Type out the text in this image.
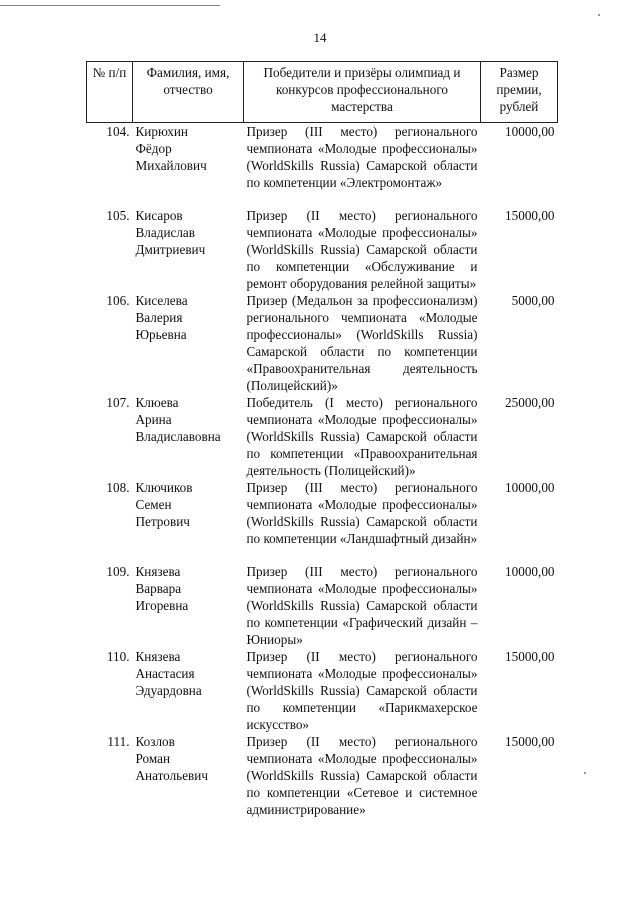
14
№ п/п	Фамилия, имя, отчество	Победители и призёры олимпиад и конкурсов профессионального мастерства	Размер премии, рублей
104.	Кирюхин
Фёдор
Михайлович	Призер (III место) регионального чемпионата «Молодые профессионалы» (WorldSkills Russia) Самарской области по компетенции «Электромонтаж»	10000,00
105.	Кисаров
Владислав
Дмитриевич	Призер (II место) регионального чемпионата «Молодые профессионалы» (WorldSkills Russia) Самарской области по компетенции «Обслуживание и ремонт оборудования релейной защиты»	15000,00
106.	Киселева
Валерия
Юрьевна	Призер (Медальон за профессионализм) регионального чемпионата «Молодые профессионалы» (WorldSkills Russia) Самарской области по компетенции «Правоохранительная деятельность (Полицейский)»	5000,00
107.	Клюева
Арина
Владиславовна	Победитель (I место) регионального чемпионата «Молодые профессионалы» (WorldSkills Russia) Самарской области по компетенции «Правоохранительная деятельность (Полицейский)»	25000,00
108.	Ключиков
Семен
Петрович	Призер (III место) регионального чемпионата «Молодые профессионалы» (WorldSkills Russia) Самарской области по компетенции «Ландшафтный дизайн»	10000,00
109.	Князева
Варвара
Игоревна	Призер (III место) регионального чемпионата «Молодые профессионалы» (WorldSkills Russia) Самарской области по компетенции «Графический дизайн – Юниоры»	10000,00
110.	Князева
Анастасия
Эдуардовна	Призер (II место) регионального чемпионата «Молодые профессионалы» (WorldSkills Russia) Самарской области по компетенции «Парикмахерское искусство»	15000,00
111.	Козлов
Роман
Анатольевич	Призер (II место) регионального чемпионата «Молодые профессионалы» (WorldSkills Russia) Самарской области по компетенции «Сетевое и системное администрирование»	15000,00
